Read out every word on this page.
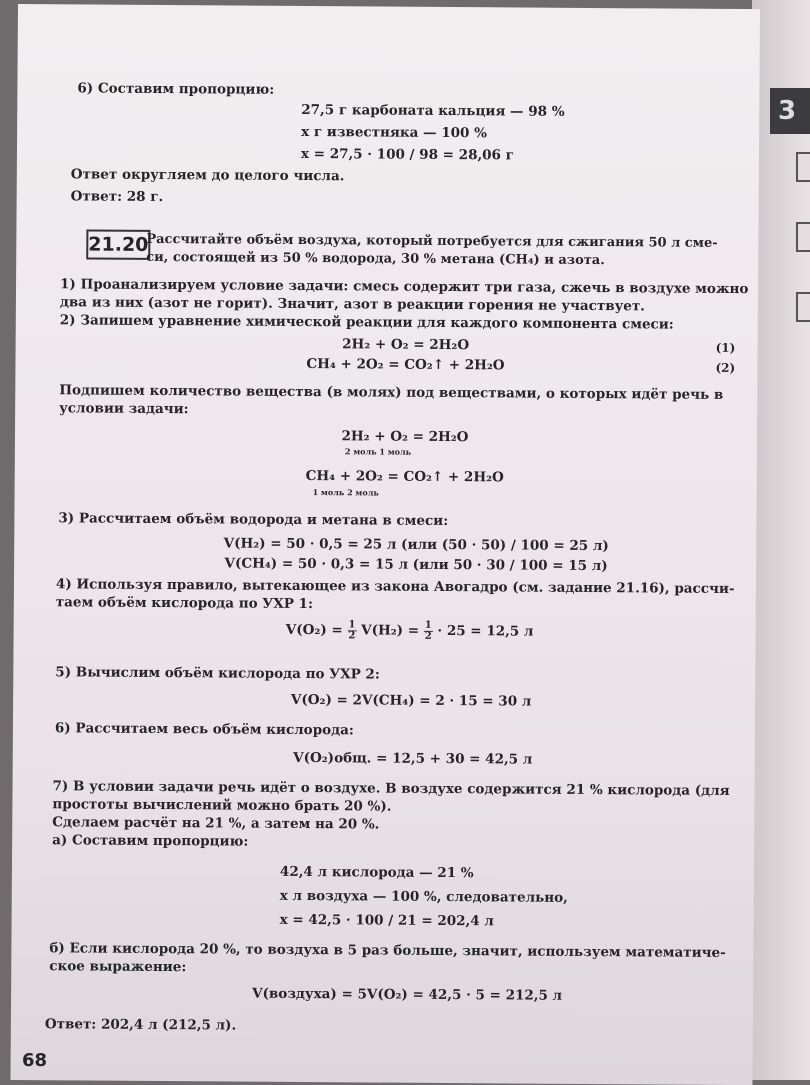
3
6) Составим пропорцию:
27,5 г карбоната кальция — 98 %
x г известняка — 100 %
x = 27,5 · 100 / 98 = 28,06 г
Ответ округляем до целого числа.
Ответ: 28 г.
21.20
Рассчитайте объём воздуха, который потребуется для сжигания 50 л сме-
си, состоящей из 50 % водорода, 30 % метана (CH₄) и азота.
1) Проанализируем условие задачи: смесь содержит три газа, сжечь в воздухе можно
два из них (азот не горит). Значит, азот в реакции горения не участвует.
2) Запишем уравнение химической реакции для каждого компонента смеси:
2H₂ + O₂ = 2H₂O	(1)
CH₄ + 2O₂ = CO₂↑ + 2H₂O	(2)
Подпишем количество вещества (в молях) под веществами, о которых идёт речь в
условии задачи:
2H₂ + O₂ = 2H₂O
2 моль 1 моль
CH₄ + 2O₂ = CO₂↑ + 2H₂O
1 моль 2 моль
3) Рассчитаем объём водорода и метана в смеси:
V(H₂) = 50 · 0,5 = 25 л (или (50 · 50) / 100 = 25 л)
V(CH₄) = 50 · 0,3 = 15 л (или 50 · 30 / 100 = 15 л)
4) Используя правило, вытекающее из закона Авогадро (см. задание 21.16), рассчи-
таем объём кислорода по УХР 1:
$V(O_2) = \frac{1}{2} V(H_2) = \frac{1}{2} \cdot 25 = 12,5$ л
5) Вычислим объём кислорода по УХР 2:
V(O₂) = 2V(CH₄) = 2 · 15 = 30 л
6) Рассчитаем весь объём кислорода:
V(O₂)общ. = 12,5 + 30 = 42,5 л
7) В условии задачи речь идёт о воздухе. В воздухе содержится 21 % кислорода (для
простоты вычислений можно брать 20 %).
Сделаем расчёт на 21 %, а затем на 20 %.
а) Составим пропорцию:
42,4 л кислорода — 21 %
x л воздуха — 100 %, следовательно,
x = 42,5 · 100 / 21 = 202,4 л
б) Если кислорода 20 %, то воздуха в 5 раз больше, значит, используем математиче-
ское выражение:
V(воздуха) = 5V(O₂) = 42,5 · 5 = 212,5 л
Ответ: 202,4 л (212,5 л).
68
